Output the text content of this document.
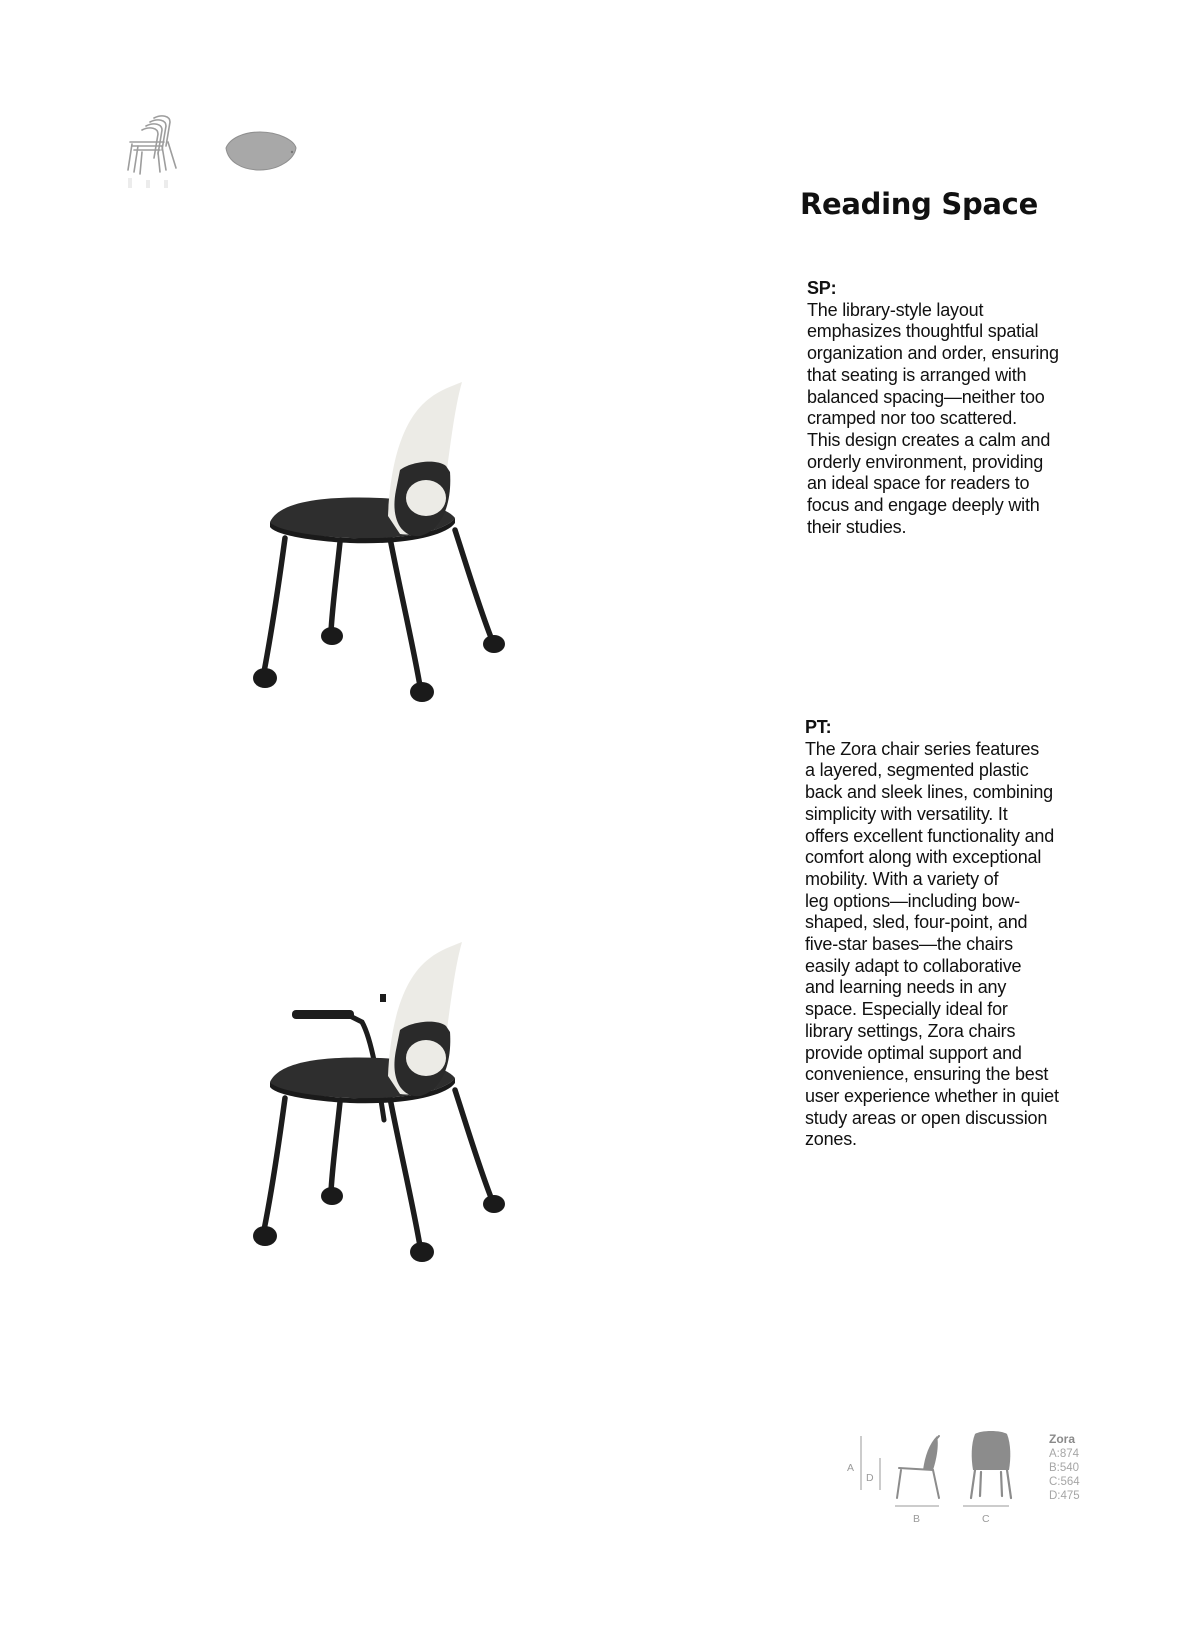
Reading Space
SP:
The library-style layout
emphasizes thoughtful spatial
organization and order, ensuring
that seating is arranged with
balanced spacing—neither too
cramped nor too scattered.
This design creates a calm and
orderly environment, providing
an ideal space for readers to
focus and engage deeply with
their studies.
PT:
The Zora chair series features
a layered, segmented plastic
back and sleek lines, combining
simplicity with versatility. It
offers excellent functionality and
comfort along with exceptional
mobility. With a variety of
leg options—including bow-
shaped, sled, four-point, and
five-star bases—the chairs
easily adapt to collaborative
and learning needs in any
space. Especially ideal for
library settings, Zora chairs
provide optimal support and
convenience, ensuring the best
user experience whether in quiet
study areas or open discussion
zones.
A
D
B	C
Zora
A:874
B:540
C:564
D:475
